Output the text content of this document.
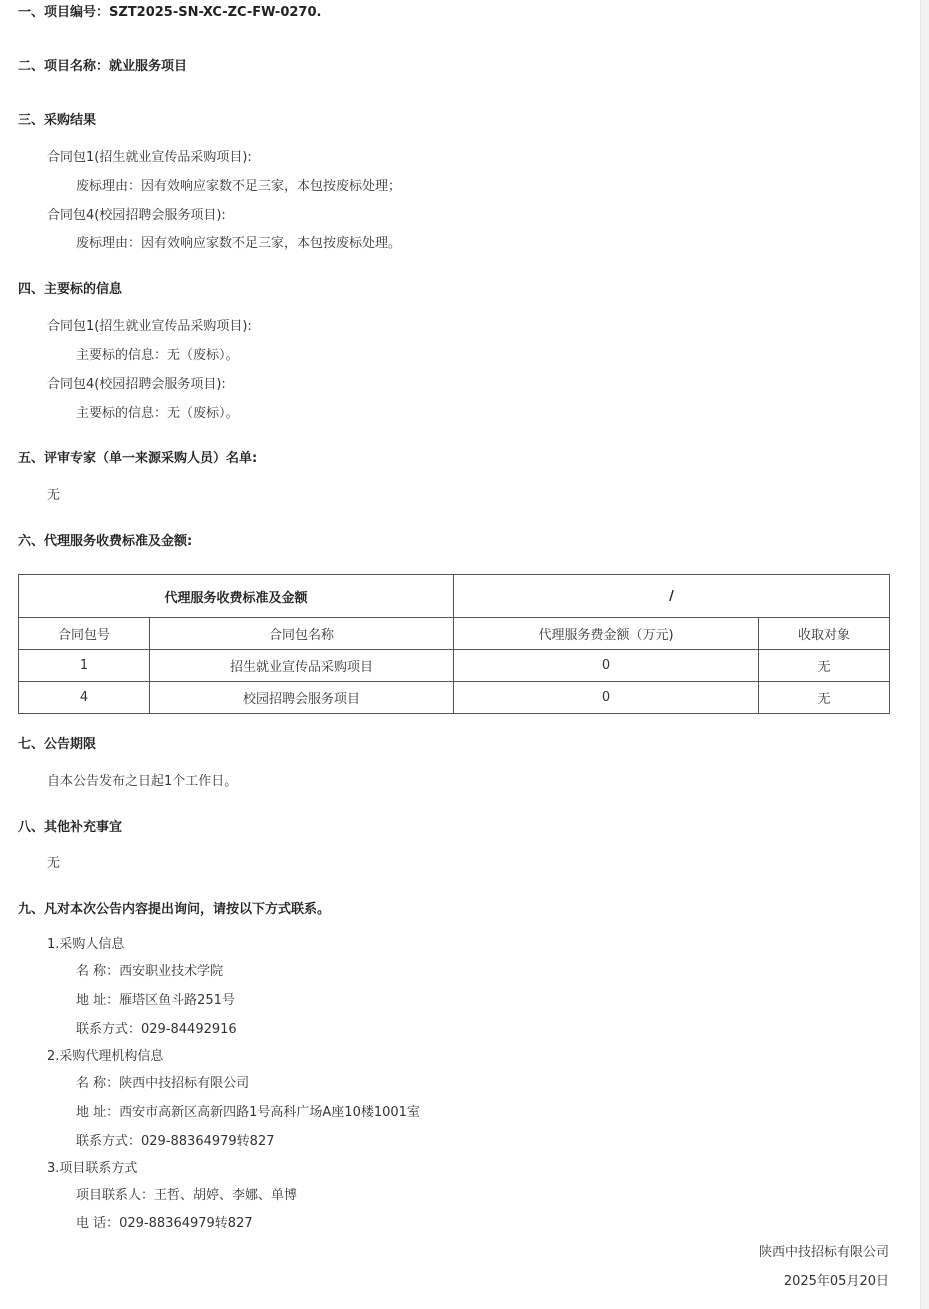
一、项目编号：SZT2025-SN-XC-ZC-FW-0270.
二、项目名称：就业服务项目
三、采购结果
合同包1(招生就业宣传品采购项目):
废标理由：因有效响应家数不足三家，本包按废标处理；
合同包4(校园招聘会服务项目):
废标理由：因有效响应家数不足三家，本包按废标处理。
四、主要标的信息
合同包1(招生就业宣传品采购项目):
主要标的信息：无（废标）。
合同包4(校园招聘会服务项目):
主要标的信息：无（废标）。
五、评审专家（单一来源采购人员）名单:
无
六、代理服务收费标准及金额:
代理服务收费标准及金额		/	
合同包号	合同包名称	代理服务费金额（万元)	收取对象
1	招生就业宣传品采购项目	0	无
4	校园招聘会服务项目	0	无
七、公告期限
自本公告发布之日起1个工作日。
八、其他补充事宜
无
九、凡对本次公告内容提出询问，请按以下方式联系。
1.采购人信息
名 称：西安职业技术学院
地 址：雁塔区鱼斗路251号
联系方式：029-84492916
2.采购代理机构信息
名 称：陕西中技招标有限公司
地 址：西安市高新区高新四路1号高科广场A座10楼1001室
联系方式：029-88364979转827
3.项目联系方式
项目联系人：王哲、胡婷、李娜、单博
电 话：029-88364979转827
陕西中技招标有限公司
2025年05月20日
